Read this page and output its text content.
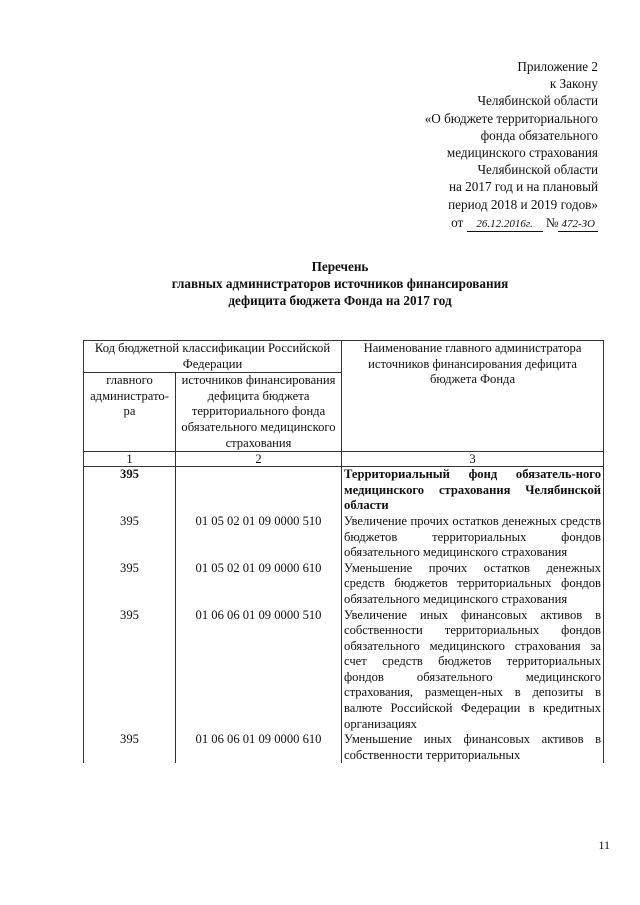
Приложение 2
к Закону
Челябинской области
«О бюджете территориального
фонда обязательного
медицинского страхования
Челябинской области
на 2017 год и на плановый
период 2018 и 2019 годов»
от 26.12.2016г. № 472-ЗО
Перечень
главных администраторов источников финансирования
дефицита бюджета Фонда на 2017 год
Код бюджетной классификации Российской Федерации		Наименование главного администратора источников финансирования дефицита бюджета Фонда
главного администрато-ра	источников финансирования дефицита бюджета территориального фонда обязательного медицинского страхования	
1	2	3
395		Территориальный фонд обязатель-ного медицинского страхования Челябинской области
395	01 05 02 01 09 0000 510	Увеличение прочих остатков денежных средств бюджетов территориальных фондов обязательного медицинского страхования
395	01 05 02 01 09 0000 610	Уменьшение прочих остатков денежных средств бюджетов территориальных фондов обязательного медицинского страхования
395	01 06 06 01 09 0000 510	Увеличение иных финансовых активов в собственности территориальных фондов обязательного медицинского страхования за счет средств бюджетов территориальных фондов обязательного медицинского страхования, размещен-ных в депозиты в валюте Российской Федерации в кредитных организациях
395	01 06 06 01 09 0000 610	Уменьшение иных финансовых активов в собственности территориальных
11
